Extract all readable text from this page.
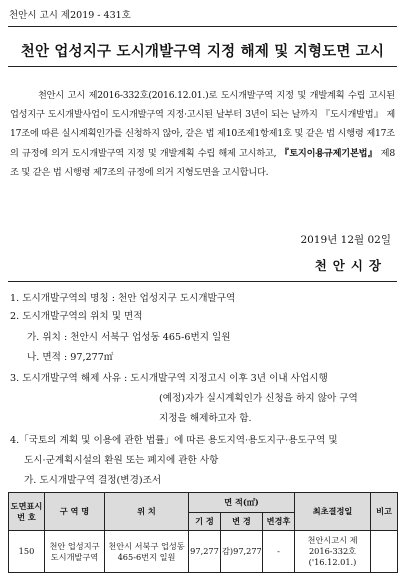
천안시 고시 제2019 - 431호
천안 업성지구 도시개발구역 지정 해제 및 지형도면 고시
천안시 고시 제2016-332호(2016.12.01.)로 도시개발구역 지정 및 개발계획 수립 고시된 업성지구 도시개발사업이 도시개발구역 지정·고시된 날부터 3년이 되는 날까지 『도시개발법』 제17조에 따른 실시계획인가를 신청하지 않아, 같은 법 제10조제1항제1호 및 같은 법 시행령 제17조의 규정에 의거 도시개발구역 지정 및 개발계획 수립 해제 고시하고, 『토지이용규제기본법』 제8조 및 같은 법 시행령 제7조의 규정에 의거 지형도면을 고시합니다.
2019년 12월 02일
천안시장
1. 도시개발구역의 명칭 : 천안 업성지구 도시개발구역
2. 도시개발구역의 위치 및 면적
가. 위치 : 천안시 서북구 업성동 465-6번지 일원
나. 면적 : 97,277㎡
3. 도시개발구역 해제 사유 : 도시개발구역 지정고시 이후 3년 이내 사업시행
(예정)자가 실시계획인가 신청을 하지 않아 구역
지정을 해제하고자 함.
4.「국토의 계획 및 이용에 관한 법률」에 따른 용도지역·용도지구·용도구역 및
도시·군계획시설의 환원 또는 폐지에 관한 사항
가. 도시개발구역 결정(변경)조서
도면표시 번 호	구 역 명	위 치	면 적(㎡)			최초결정일	비고
			기 정	변 경	변경후		
150	천안 업성지구 도시개발구역	천안시 서북구 업성동 465-6번지 일원	97,277	감)97,277	-	천안시고시 제2016-332호 ('16.12.01.)	
